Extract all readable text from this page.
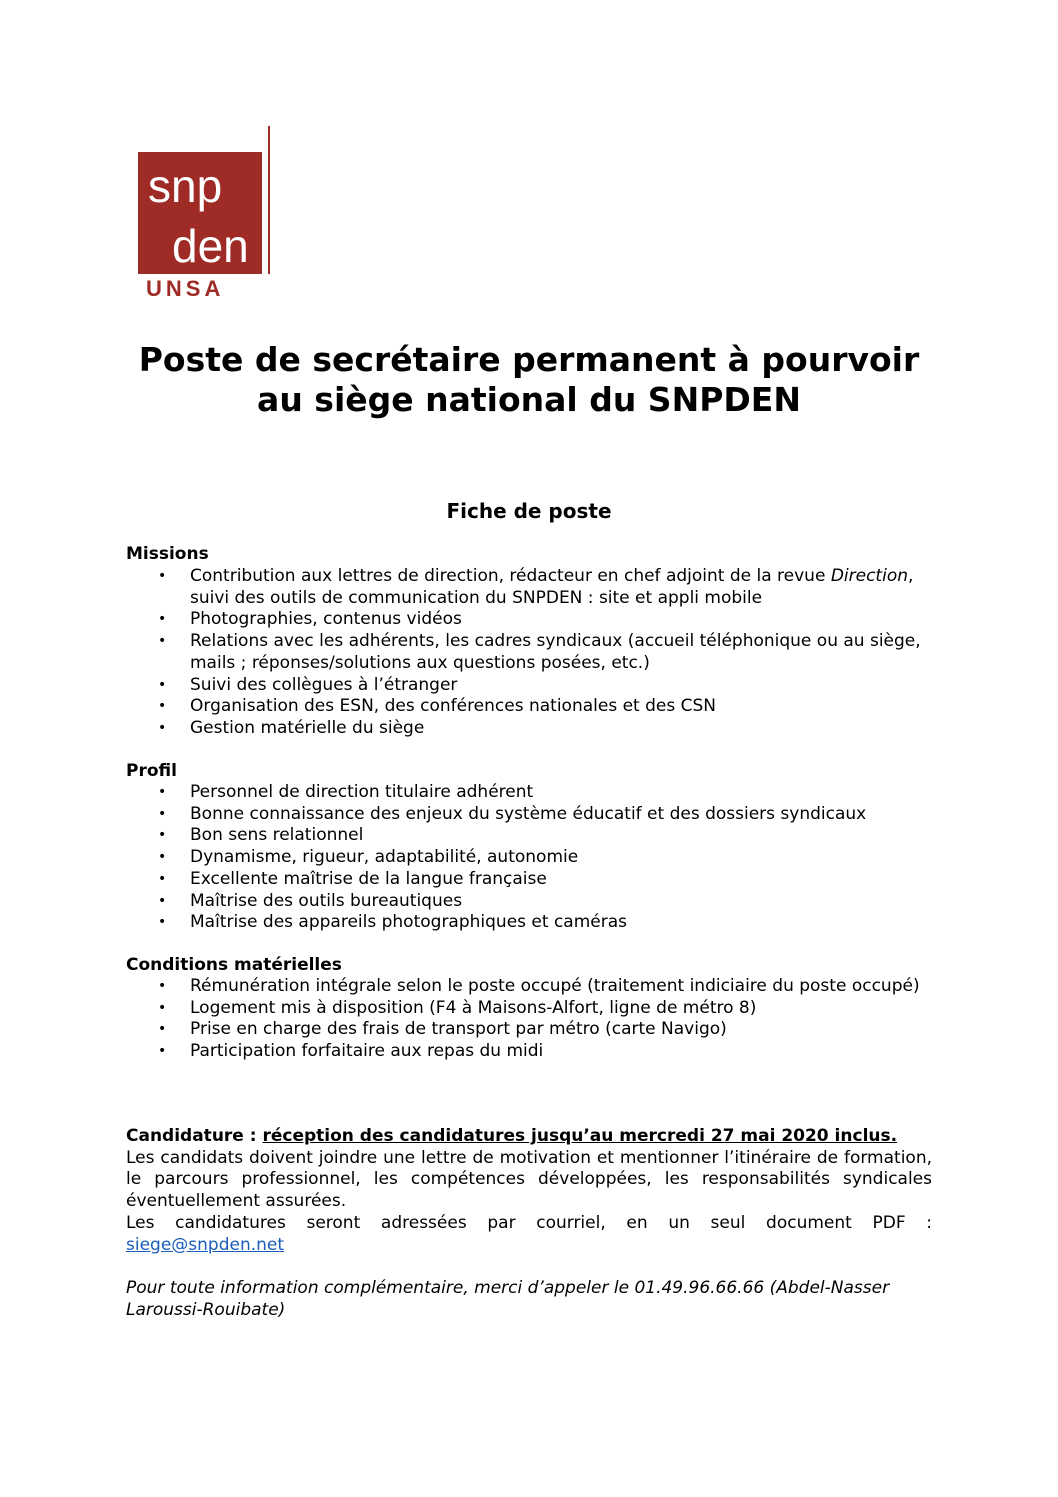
snp
den
UNSA
Poste de secrétaire permanent à pourvoir au siège national du SNPDEN
Fiche de poste
Missions
• Contribution aux lettres de direction, rédacteur en chef adjoint de la revue Direction, suivi des outils de communication du SNPDEN : site et appli mobile
• Photographies, contenus vidéos
• Relations avec les adhérents, les cadres syndicaux (accueil téléphonique ou au siège, mails ; réponses/solutions aux questions posées, etc.)
• Suivi des collègues à l’étranger
• Organisation des ESN, des conférences nationales et des CSN
• Gestion matérielle du siège
Profil
• Personnel de direction titulaire adhérent
• Bonne connaissance des enjeux du système éducatif et des dossiers syndicaux
• Bon sens relationnel
• Dynamisme, rigueur, adaptabilité, autonomie
• Excellente maîtrise de la langue française
• Maîtrise des outils bureautiques
• Maîtrise des appareils photographiques et caméras
Conditions matérielles
• Rémunération intégrale selon le poste occupé (traitement indiciaire du poste occupé)
• Logement mis à disposition (F4 à Maisons-Alfort, ligne de métro 8)
• Prise en charge des frais de transport par métro (carte Navigo)
• Participation forfaitaire aux repas du midi
Candidature : réception des candidatures jusqu’au mercredi 27 mai 2020 inclus.
Les candidats doivent joindre une lettre de motivation et mentionner l’itinéraire de formation, le parcours professionnel, les compétences développées, les responsabilités syndicales éventuellement assurées.
Les candidatures seront adressées par courriel, en un seul document PDF :
siege@snpden.net

Pour toute information complémentaire, merci d’appeler le 01.49.96.66.66 (Abdel-Nasser Laroussi-Rouibate)
